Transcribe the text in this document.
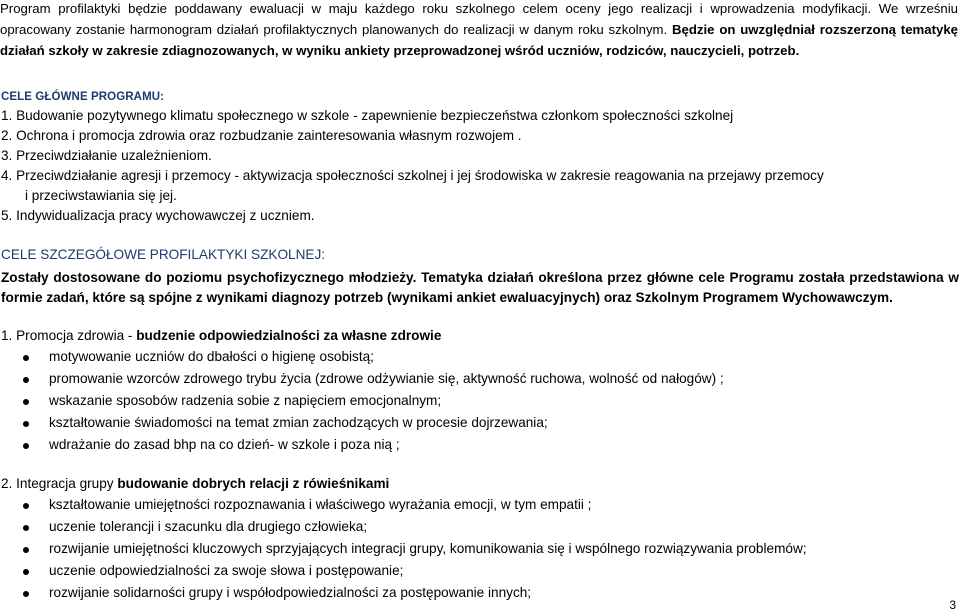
Program profilaktyki będzie poddawany ewaluacji w maju każdego roku szkolnego celem oceny jego realizacji i wprowadzenia modyfikacji. We wrześniu opracowany zostanie harmonogram działań profilaktycznych planowanych do realizacji w danym roku szkolnym. Będzie on uwzględniał rozszerzoną tematykę działań szkoły w zakresie zdiagnozowanych, w wyniku ankiety przeprowadzonej wśród uczniów, rodziców, nauczycieli, potrzeb.
CELE GŁÓWNE PROGRAMU:
1. Budowanie pozytywnego klimatu społecznego w szkole - zapewnienie bezpieczeństwa członkom społeczności szkolnej
2. Ochrona i promocja zdrowia oraz rozbudzanie zainteresowania własnym rozwojem .
3. Przeciwdziałanie uzależnieniom.
4. Przeciwdziałanie agresji i przemocy - aktywizacja społeczności szkolnej i jej środowiska w zakresie reagowania na przejawy przemocy
i przeciwstawiania się jej.
5. Indywidualizacja pracy wychowawczej z uczniem.
CELE SZCZEGÓŁOWE PROFILAKTYKI SZKOLNEJ:
Zostały dostosowane do poziomu psychofizycznego młodzieży. Tematyka działań określona przez główne cele Programu została przedstawiona w formie zadań, które są spójne z wynikami diagnozy potrzeb (wynikami ankiet ewaluacyjnych) oraz Szkolnym Programem Wychowawczym.
1. Promocja zdrowia - budzenie odpowiedzialności za własne zdrowie
motywowanie uczniów do dbałości o higienę osobistą;
promowanie wzorców zdrowego trybu życia (zdrowe odżywianie się, aktywność ruchowa, wolność od nałogów) ;
wskazanie sposobów radzenia sobie z napięciem emocjonalnym;
kształtowanie świadomości na temat zmian zachodzących w procesie dojrzewania;
wdrażanie do zasad bhp na co dzień- w szkole i poza nią ;
2. Integracja grupy budowanie dobrych relacji z rówieśnikami
kształtowanie umiejętności rozpoznawania i właściwego wyrażania emocji, w tym empatii ;
uczenie tolerancji i szacunku dla drugiego człowieka;
rozwijanie umiejętności kluczowych sprzyjających integracji grupy, komunikowania się i wspólnego rozwiązywania problemów;
uczenie odpowiedzialności za swoje słowa i postępowanie;
rozwijanie solidarności grupy i współodpowiedzialności za postępowanie innych;
3
